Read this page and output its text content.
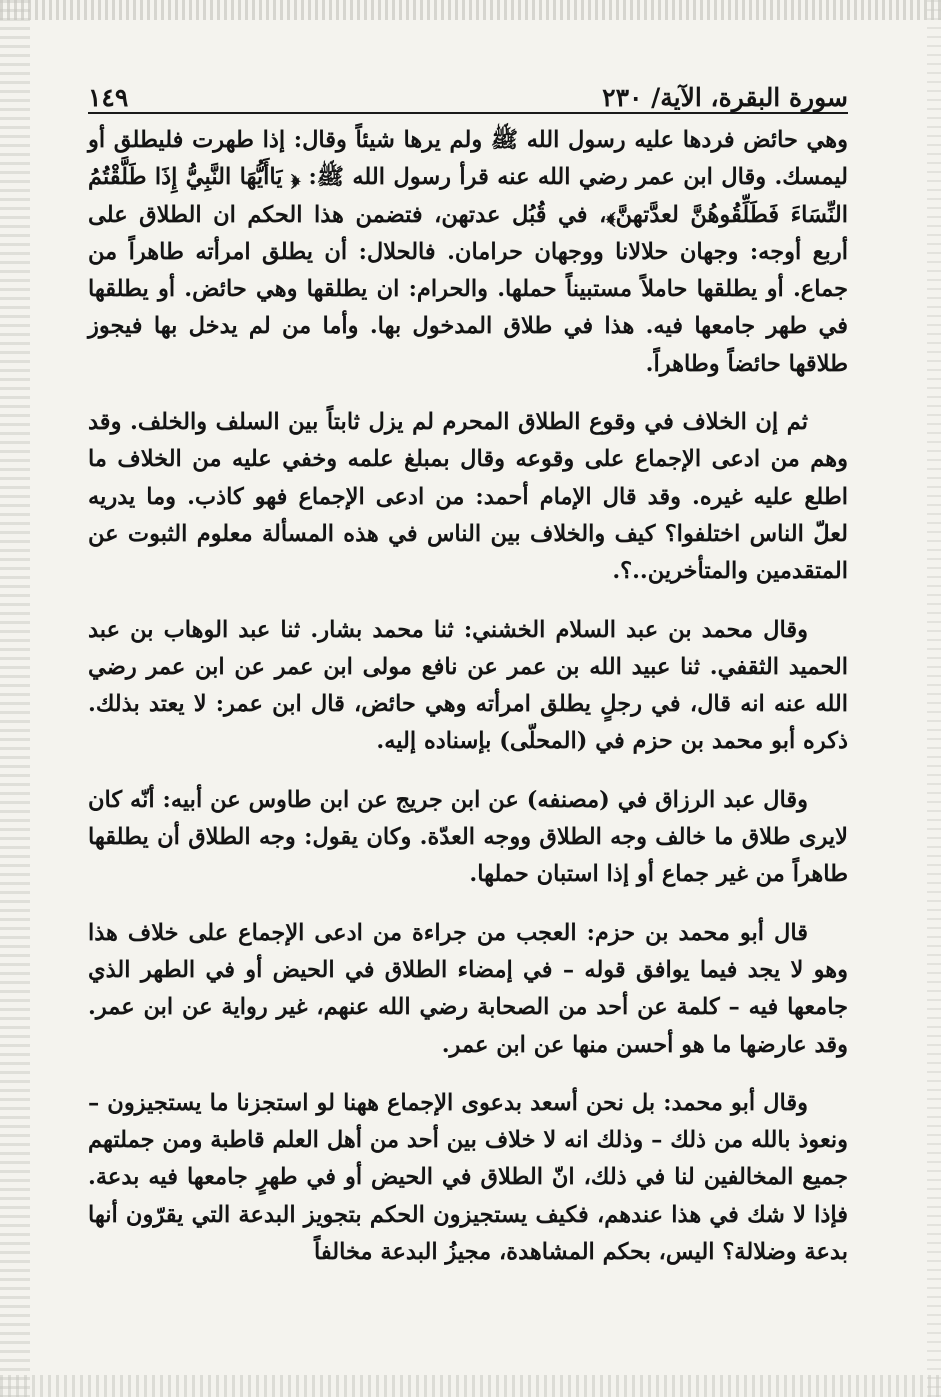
سورة البقرة، الآية/ ٢٣٠
١٤٩

وهي حائض فردها عليه رسول الله ﷺ ولم يرها شيئاً وقال: إذا طهرت فليطلق أو ليمسك. وقال ابن عمر رضي الله عنه قرأ رسول الله ﷺ: ﴿ يَاأَيُّهَا النَّبِيُّ إِذَا طَلَّقْتُمُ النِّسَاءَ فَطَلِّقُوهُنَّ لعدَّتهنَّ﴾، في قُبُل عدتهن، فتضمن هذا الحكم ان الطلاق على أربع أوجه: وجهان حلالانا ووجهان حرامان. فالحلال: أن يطلق امرأته طاهراً من جماع. أو يطلقها حاملاً مستبيناً حملها. والحرام: ان يطلقها وهي حائض. أو يطلقها في طهر جامعها فيه. هذا في طلاق المدخول بها. وأما من لم يدخل بها فيجوز طلاقها حائضاً وطاهراً.

ثم إن الخلاف في وقوع الطلاق المحرم لم يزل ثابتاً بين السلف والخلف. وقد وهم من ادعى الإجماع على وقوعه وقال بمبلغ علمه وخفي عليه من الخلاف ما اطلع عليه غيره. وقد قال الإمام أحمد: من ادعى الإجماع فهو كاذب. وما يدريه لعلّ الناس اختلفوا؟ كيف والخلاف بين الناس في هذه المسألة معلوم الثبوت عن المتقدمين والمتأخرين..؟.

وقال محمد بن عبد السلام الخشني: ثنا محمد بشار. ثنا عبد الوهاب بن عبد الحميد الثقفي. ثنا عبيد الله بن عمر عن نافع مولى ابن عمر عن ابن عمر رضي الله عنه انه قال، في رجلٍ يطلق امرأته وهي حائض، قال ابن عمر: لا يعتد بذلك. ذكره أبو محمد بن حزم في (المحلّى) بإسناده إليه.

وقال عبد الرزاق في (مصنفه) عن ابن جريج عن ابن طاوس عن أبيه: أنّه كان لايرى طلاق ما خالف وجه الطلاق ووجه العدّة. وكان يقول: وجه الطلاق أن يطلقها طاهراً من غير جماع أو إذا استبان حملها.

قال أبو محمد بن حزم: العجب من جراءة من ادعى الإجماع على خلاف هذا وهو لا يجد فيما يوافق قوله – في إمضاء الطلاق في الحيض أو في الطهر الذي جامعها فيه – كلمة عن أحد من الصحابة رضي الله عنهم، غير رواية عن ابن عمر. وقد عارضها ما هو أحسن منها عن ابن عمر.

وقال أبو محمد: بل نحن أسعد بدعوى الإجماع ههنا لو استجزنا ما يستجيزون – ونعوذ بالله من ذلك – وذلك انه لا خلاف بين أحد من أهل العلم قاطبة ومن جملتهم جميع المخالفين لنا في ذلك، انّ الطلاق في الحيض أو في طهرٍ جامعها فيه بدعة. فإذا لا شك في هذا عندهم، فكيف يستجيزون الحكم بتجويز البدعة التي يقرّون أنها بدعة وضلالة؟ اليس، بحكم المشاهدة، مجيزُ البدعة مخالفاً
